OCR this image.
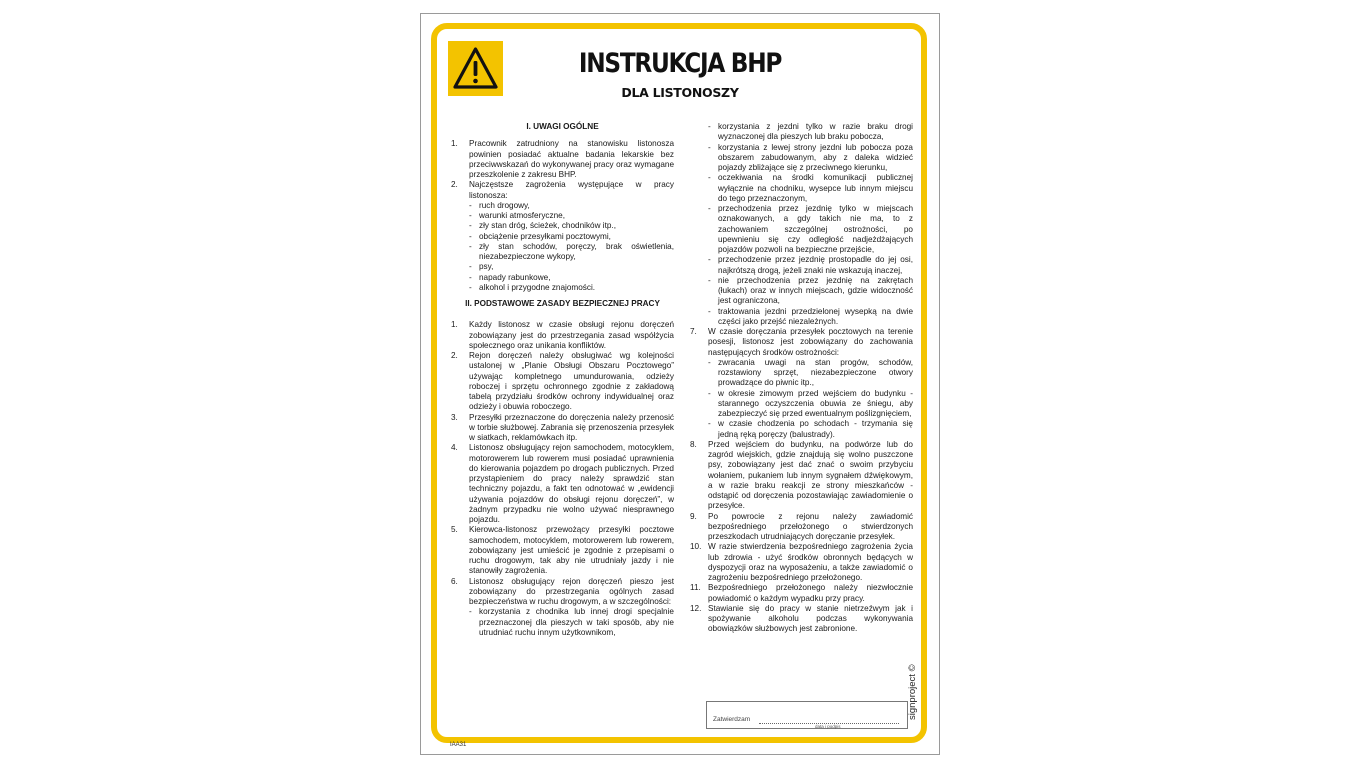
INSTRUKCJA BHP
DLA LISTONOSZY
I. UWAGI OGÓLNE
1. Pracownik zatrudniony na stanowisku listonosza powinien posiadać aktualne badania lekarskie bez przeciwwskazań do wykonywanej pracy oraz wymagane przeszkolenie z zakresu BHP.
2. Najczęstsze zagrożenia występujące w pracy listonosza:
- ruch drogowy,
- warunki atmosferyczne,
- zły stan dróg, ścieżek, chodników itp.,
- obciążenie przesyłkami pocztowymi,
- zły stan schodów, poręczy, brak oświetlenia, niezabezpieczone wykopy,
- psy,
- napady rabunkowe,
- alkohol i przygodne znajomości.
II. PODSTAWOWE ZASADY BEZPIECZNEJ PRACY
1. Każdy listonosz w czasie obsługi rejonu doręczeń zobowiązany jest do przestrzegania zasad współżycia społecznego oraz unikania konfliktów.
2. Rejon doręczeń należy obsługiwać wg kolejności ustalonej w „Planie Obsługi Obszaru Pocztowego” używając kompletnego umundurowania, odzieży roboczej i sprzętu ochronnego zgodnie z zakładową tabelą przydziału środków ochrony indywidualnej oraz odzieży i obuwia roboczego.
3. Przesyłki przeznaczone do doręczenia należy przenosić w torbie służbowej. Zabrania się przenoszenia przesyłek w siatkach, reklamówkach itp.
4. Listonosz obsługujący rejon samochodem, motocyklem, motorowerem lub rowerem musi posiadać uprawnienia do kierowania pojazdem po drogach publicznych. Przed przystąpieniem do pracy należy sprawdzić stan techniczny pojazdu, a fakt ten odnotować w „ewidencji używania pojazdów do obsługi rejonu doręczeń”, w żadnym przypadku nie wolno używać niesprawnego pojazdu.
5. Kierowca-listonosz przewożący przesyłki pocztowe samochodem, motocyklem, motorowerem lub rowerem, zobowiązany jest umieścić je zgodnie z przepisami o ruchu drogowym, tak aby nie utrudniały jazdy i nie stanowiły zagrożenia.
6. Listonosz obsługujący rejon doręczeń pieszo jest zobowiązany do przestrzegania ogólnych zasad bezpieczeństwa w ruchu drogowym, a w szczególności:
- korzystania z chodnika lub innej drogi specjalnie przeznaczonej dla pieszych w taki sposób, aby nie utrudniać ruchu innym użytkownikom,
- korzystania z jezdni tylko w razie braku drogi wyznaczonej dla pieszych lub braku pobocza,
- korzystania z lewej strony jezdni lub pobocza poza obszarem zabudowanym, aby z daleka widzieć pojazdy zbliżające się z przeciwnego kierunku,
- oczekiwania na środki komunikacji publicznej wyłącznie na chodniku, wysepce lub innym miejscu do tego przeznaczonym,
- przechodzenia przez jezdnię tylko w miejscach oznakowanych, a gdy takich nie ma, to z zachowaniem szczególnej ostrożności, po upewnieniu się czy odległość nadjeżdżających pojazdów pozwoli na bezpieczne przejście,
- przechodzenie przez jezdnię prostopadle do jej osi, najkrótszą drogą, jeżeli znaki nie wskazują inaczej,
- nie przechodzenia przez jezdnię na zakrętach (łukach) oraz w innych miejscach, gdzie widoczność jest ograniczona,
- traktowania jezdni przedzielonej wysepką na dwie części jako przejść niezależnych.
7. W czasie doręczania przesyłek pocztowych na terenie posesji, listonosz jest zobowiązany do zachowania następujących środków ostrożności:
- zwracania uwagi na stan progów, schodów, rozstawiony sprzęt, niezabezpieczone otwory prowadzące do piwnic itp.,
- w okresie zimowym przed wejściem do budynku - starannego oczyszczenia obuwia ze śniegu, aby zabezpieczyć się przed ewentualnym poślizgnięciem,
- w czasie chodzenia po schodach - trzymania się jedną ręką poręczy (balustrady).
8. Przed wejściem do budynku, na podwórze lub do zagród wiejskich, gdzie znajdują się wolno puszczone psy, zobowiązany jest dać znać o swoim przybyciu wołaniem, pukaniem lub innym sygnałem dźwiękowym, a w razie braku reakcji ze strony mieszkańców - odstąpić od doręczenia pozostawiając zawiadomienie o przesyłce.
9. Po powrocie z rejonu należy zawiadomić bezpośredniego przełożonego o stwierdzonych przeszkodach utrudniających doręczanie przesyłek.
10. W razie stwierdzenia bezpośredniego zagrożenia życia lub zdrowia - użyć środków obronnych będących w dyspozycji oraz na wyposażeniu, a także zawiadomić o zagrożeniu bezpośredniego przełożonego.
11. Bezpośredniego przełożonego należy niezwłocznie powiadomić o każdym wypadku przy pracy.
12. Stawianie się do pracy w stanie nietrzeźwym jak i spożywanie alkoholu podczas wykonywania obowiązków służbowych jest zabronione.
Zatwierdzam
data i podpis
signproject ©
IAA31
